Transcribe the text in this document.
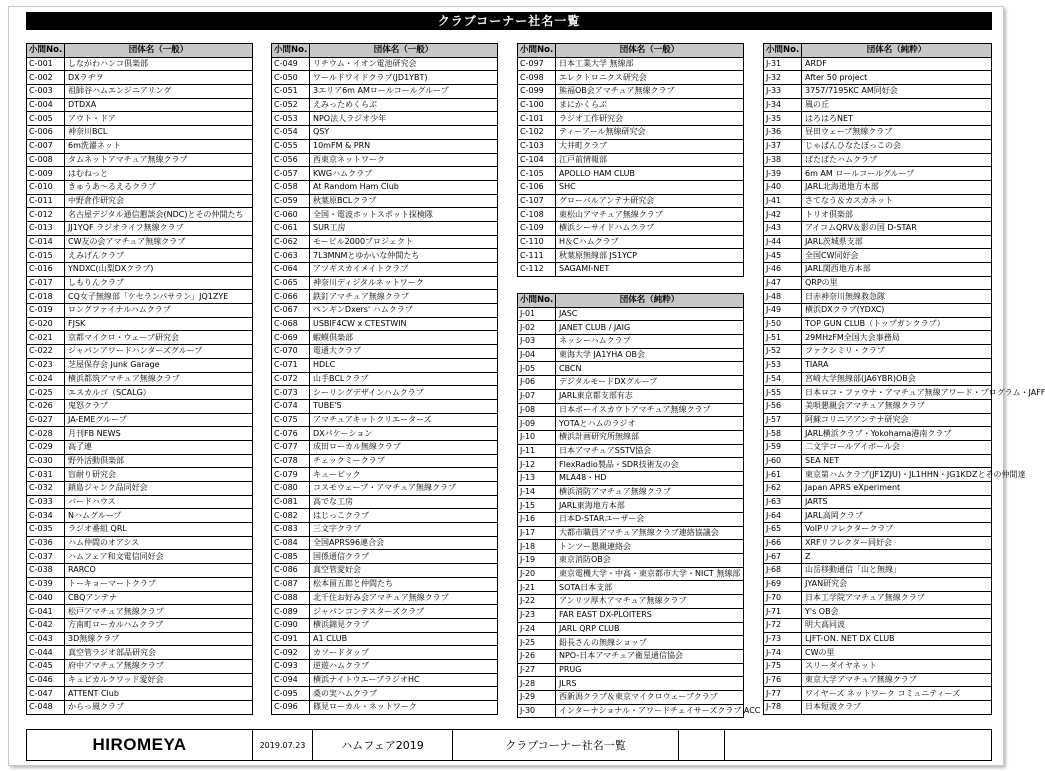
クラブコーナー社名一覧
小間No.	団体名（一般）
C-001	しながわハンコ倶楽部
C-002	DXラヂヲ
C-003	祖師谷ハムエンジニアリング
C-004	DTDXA
C-005	アウト・ドア
C-006	神奈川BCL
C-007	6m洗濯ネット
C-008	タムネットアマチュア無線クラブ
C-009	はむねっと
C-010	きゅうあ〜るえるクラブ
C-011	中野倉作研究会
C-012	名古屋デジタル通信懇談会(NDC)とその仲間たち
C-013	JJ1YQF ラジオライフ無線クラブ
C-014	CW友の会アマチュア無線クラブ
C-015	えみげんクラブ
C-016	YNDXC(山梨DXクラブ)
C-017	しもりんクラブ
C-018	CQ女子無線部「ケセランパサラン」JQ1ZYE
C-019	ロングファイナルハムクラブ
C-020	FJSK
C-021	京都マイクロ・ウェーブ研究会
C-022	ジャパンアワードハンターズグループ
C-023	芝屋保存会 Junk Garage
C-024	横浜都筑アマチュア無線クラブ
C-025	エスカルゴ（SCALG）
C-026	鬼怒クラブ
C-027	JA-EMEグループ
C-028	月刊FB NEWS
C-029	高了連
C-030	野外活動倶楽部
C-031	盲耐り研究会
C-032	鎖島ジャンク品同好会
C-033	バードハウス
C-034	Nハムグループ
C-035	ラジオ番組 QRL
C-036	ハム仲間のオアシス
C-037	ハムフェア和文電信同好会
C-038	RARCO
C-039	トーキョーマートクラブ
C-040	CBQアンテナ
C-041	松戸アマチュア無線クラブ
C-042	方南町ローカルハムクラブ
C-043	3D無線クラブ
C-044	真空管ラジオ部品研究会
C-045	府中アマチュア無線クラブ
C-046	キュビカルクワッド愛好会
C-047	ATTENT Club
C-048	からっ風クラブ
小間No.	団体名（一般）
C-049	リチウム・イオン電池研究会
C-050	ワールドワイドクラブ(JD1YBT)
C-051	3エリア6m AMロールコールグループ
C-052	えみっためくらぶ
C-053	NPO法人ラジオ少年
C-054	QSY
C-055	10mFM & PRN
C-056	西東京ネットワーク
C-057	KWGハムクラブ
C-058	At Random Ham Club
C-059	秋葉原BCLクラブ
C-060	全国・電波ホットスポット探検隊
C-061	SUR工房
C-062	モービル2000プロジェクト
C-063	7L3MNMとゆかいな仲間たち
C-064	アツギスカイメイトクラブ
C-065	神奈川ディジタルネットワーク
C-066	鉄釘アマチュア無線クラブ
C-067	ペンギンDxers' ハムクラブ
C-068	USBIF4CW x CTESTWIN
C-069	蝦蟆倶楽部
C-070	電通大クラブ
C-071	HDLC
C-072	山手BCLクラブ
C-073	シーリングデザインハムクラブ
C-074	TUBE'S
C-075	アマチュアキットクリエーターズ
C-076	DXパケーション
C-077	成田ローカル無線クラブ
C-078	チェックミークラブ
C-079	キュービック
C-080	コスモウェーブ・アマチュア無線クラブ
C-081	高でな工房
C-082	はじっこクラブ
C-083	三文字クラブ
C-084	全国APRS96連合会
C-085	国係通信クラブ
C-086	真空管愛好会
C-087	松本留五郎と仲間たち
C-088	北千住お好み会アマチュア無線クラブ
C-089	ジャパンコンテスターズクラブ
C-090	横浜錦見クラブ
C-091	A1 CLUB
C-092	カソードタップ
C-093	逆遊ハムクラブ
C-094	横浜ナイトウエーブラジオHC
C-095	桑の実ハムクラブ
C-096	篠見ローカル・ネットワーク
小間No.	団体名（一般）
C-097	日本工業大学 無線部
C-098	エレクトロニクス研究会
C-099	熊福OB会アマチュア無線クラブ
C-100	まにかくらぶ
C-101	ラジオ工作研究会
C-102	ティーアール無線研究会
C-103	大井町クラブ
C-104	江戸前情報部
C-105	APOLLO HAM CLUB
C-106	SHC
C-107	グローバルアンテナ研究会
C-108	東松山アマチュア無線クラブ
C-109	横浜シーサイドハムクラブ
C-110	H＆Cハムクラブ
C-111	秋葉原無線部 JS1YCP
C-112	SAGAMI-NET
小間No.	団体名（純粋）
J-01	JASC
J-02	JANET CLUB / JAIG
J-03	ネッシーハムクラブ
J-04	東海大学 JA1YHA OB会
J-05	CBCN
J-06	デジタルモードDXグループ
J-07	JARL東京都支部有志
J-08	日本ボーイスカウトアマチュア無線クラブ
J-09	YOTAとハムのラジオ
J-10	横浜計画研究所無線部
J-11	日本アマチュアSSTV協会
J-12	FlexRadio製品・SDR技術友の会
J-13	MLA48・HD
J-14	横浜消防アマチュア無線クラブ
J-15	JARL東海地方本部
J-16	日本D-STARユーザー会
J-17	大都市職員アマチュア無線クラブ連絡協議会
J-18	トンツー懇親連絡会
J-19	東京消防OB会
J-20	東京電機大学・中高・東京都市大学・NICT 無線部
J-21	SOTA日本支部
J-22	アンリツ厚木アマチュア無線クラブ
J-23	FAR EAST DX-PLOITERS
J-24	JARL QRP CLUB
J-25	鉛長さんの無線ショップ
J-26	NPO-日本アマチュア衛星通信協会
J-27	PRUG
J-28	JLRS
J-29	西新潟クラブ＆東京マイクロウェーブクラブ
J-30	インターナショナル・アワードチェイサーズクラブ ACC
小間No.	団体名（純粋）
J-31	ARDF
J-32	After 50 project
J-33	3757/7195KC AM同好会
J-34	風の丘
J-35	はろはろNET
J-36	昼田ウェーブ無線クラブ
J-37	じゃぱんひなたぼっこの会
J-38	ぱたぱたハムクラブ
J-39	6m AM ロールコールグループ
J-40	JARL北海道地方本部
J-41	さてなう＆カスカネット
J-42	トリオ倶楽部
J-43	アイコムQRV＆影の国 D-STAR
J-44	JARL茨城県支部
J-45	全国CW同好会
J-46	JARL関西地方本部
J-47	QRPの里
J-48	日赤神奈川無線救急隊
J-49	横浜DXクラブ(YDXC)
J-50	TOP GUN CLUB（トップガンクラブ）
J-51	29MHzFM全国大会事務局
J-52	ファクシミリ・クラブ
J-53	TIARA
J-54	宮崎大学無線部(JA6YBR)OB会
J-55	日本ロコ・ファウナ・アマチュア無線アワード・プログラム・JAFF
J-56	美唄懇親会アマチュア無線クラブ
J-57	阿蘇コリニアアンテナ研究会
J-58	JARL横浜クラブ・Yokohama港南クラブ
J-59	二文字コールアイボール会
J-60	SEA NET
J-61	東京第ハムクラブ(JF1ZJU)・JL1HHN・JG1KDZとその仲間達
J-62	Japan APRS eXperiment
J-63	JARTS
J-64	JARL高岡クラブ
J-65	VoIPリフレクタークラブ
J-66	XRFリフレクター同好会
J-67	Z
J-68	山岳移動通信「山と無線」
J-69	JYAN研究会
J-70	日本工学院アマチュア無線クラブ
J-71	Y's OB会
J-72	明大高同波
J-73	LJFT-ON. NET DX CLUB
J-74	CWの里
J-75	スリーダイヤネット
J-76	東京大学アマチュア無線クラブ
J-77	ワイヤーズ ネットワーク コミュニティーズ
J-78	日本短波クラブ
HIROMEYA	2019.07.23	ハムフェア2019	クラブコーナー社名一覧
